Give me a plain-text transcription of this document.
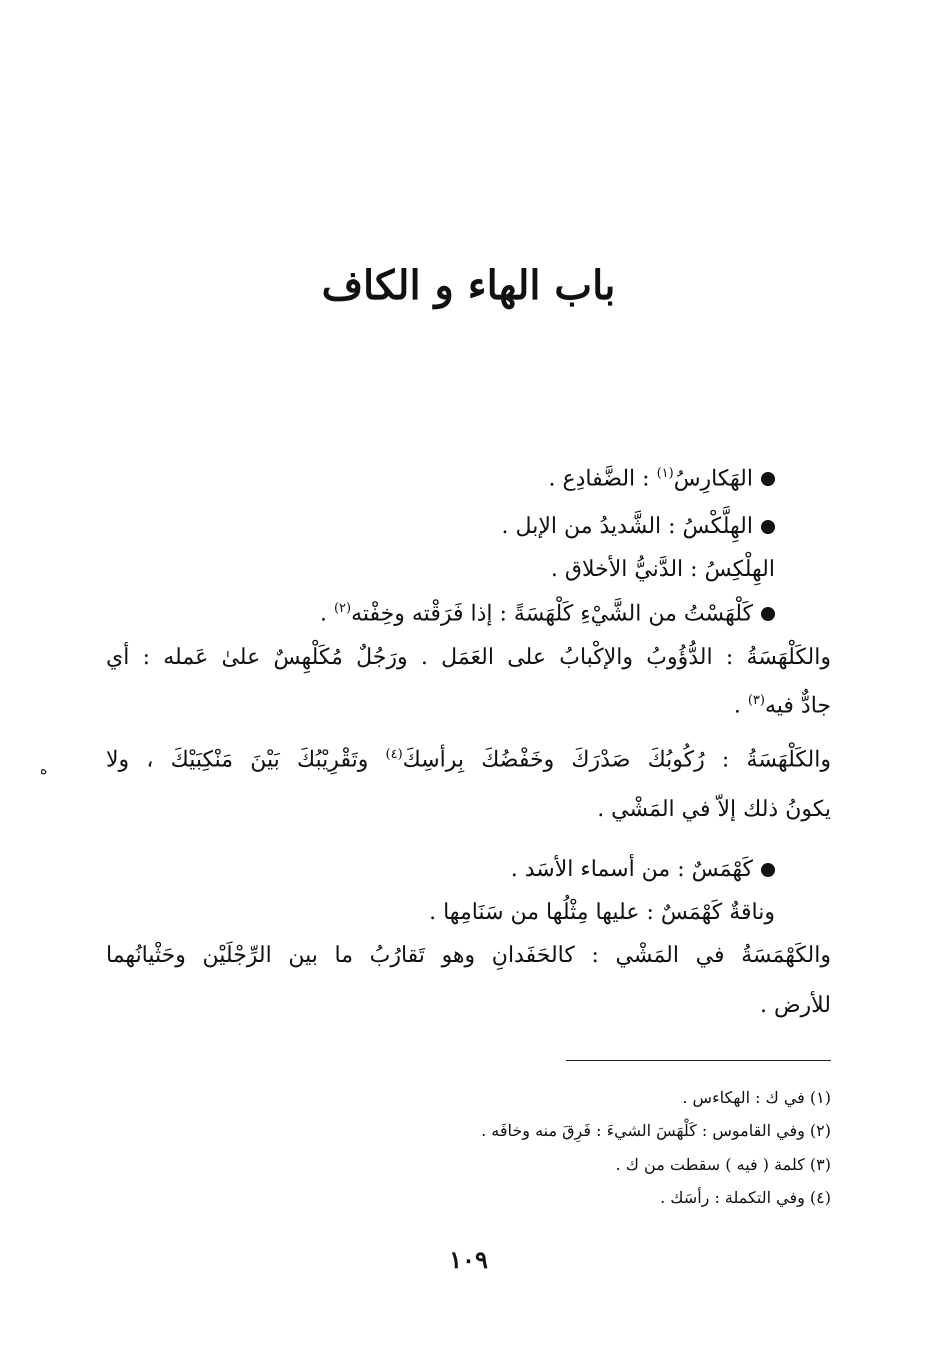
باب الهاء و الكاف
الهَكارِسُ$^{(١)}$ : الضَّفادِع .
الهِلَّكْسُ : الشَّديدُ من الإبل .
الهِلْكِسُ : الدَّنيُّ الأخلاق .
كَلْهَسْتُ من الشَّيْءِ كَلْهَسَةً : إذا فَرَقْته وخِفْته$^{(٢)}$ .
والكَلْهَسَةُ : الدُّؤُوبُ والإكْبابُ على العَمَل . ورَجُلٌ مُكَلْهِسٌ علىٰ عَمله : أي
جادٌّ فيه$^{(٣)}$ .
والكَلْهَسَةُ : رُكُوبُكَ صَدْرَكَ وخَفْضُكَ بِرأسِكَ$^{(٤)}$ وتَقْرِيْبُكَ بَيْنَ مَنْكِبَيْكَ ، ولا
ه
يكونُ ذلك إلاّ في المَشْي .
كَهْمَسٌ : من أسماء الأسَد .
وناقةٌ كَهْمَسٌ : عليها مِثْلُها من سَنَامِها .
والكَهْمَسَةُ في المَشْي : كالحَفَدانِ وهو تَقارُبُ ما بين الرِّجْلَيْن وحَثْيانُهما
للأرض .
(١) في ك : الهكاءس .
(٢) وفي القاموس : كَلْهَسَ الشيءَ : فَرِقَ منه وخافَه .
(٣) كلمة ( فيه ) سقطت من ك .
(٤) وفي التكملة : رأسَك .
١٠٩
